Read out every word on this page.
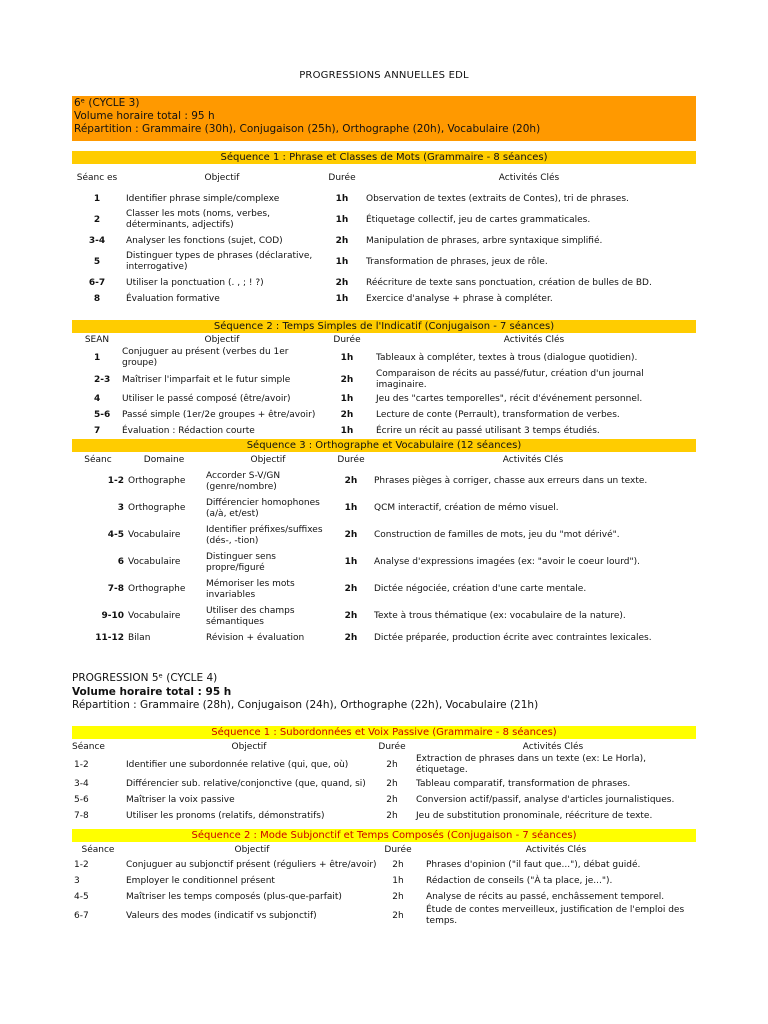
PROGRESSIONS ANNUELLES EDL
6ᵉ (CYCLE 3)
Volume horaire total : 95 h
Répartition : Grammaire (30h), Conjugaison (25h), Orthographe (20h), Vocabulaire (20h)
Séquence 1 : Phrase et Classes de Mots (Grammaire - 8 séances)
Séanc es	Objectif	Durée	Activités Clés
1	Identifier phrase simple/complexe	1h	Observation de textes (extraits de Contes), tri de phrases.
2	Classer les mots (noms, verbes, déterminants, adjectifs)	1h	Étiquetage collectif, jeu de cartes grammaticales.
3-4	Analyser les fonctions (sujet, COD)	2h	Manipulation de phrases, arbre syntaxique simplifié.
5	Distinguer types de phrases (déclarative, interrogative)	1h	Transformation de phrases, jeux de rôle.
6-7	Utiliser la ponctuation (. , ; ! ?)	2h	Réécriture de texte sans ponctuation, création de bulles de BD.
8	Évaluation formative	1h	Exercice d'analyse + phrase à compléter.
Séquence 2 : Temps Simples de l'Indicatif (Conjugaison - 7 séances)
SEAN	Objectif	Durée	Activités Clés
1	Conjuguer au présent (verbes du 1er groupe)	1h	Tableaux à compléter, textes à trous (dialogue quotidien).
2-3	Maîtriser l'imparfait et le futur simple	2h	Comparaison de récits au passé/futur, création d'un journal imaginaire.
4	Utiliser le passé composé (être/avoir)	1h	Jeu des "cartes temporelles", récit d'événement personnel.
5-6	Passé simple (1er/2e groupes + être/avoir)	2h	Lecture de conte (Perrault), transformation de verbes.
7	Évaluation : Rédaction courte	1h	Écrire un récit au passé utilisant 3 temps étudiés.
Séquence 3 : Orthographe et Vocabulaire (12 séances)
Séanc	Domaine	Objectif	Durée	Activités Clés
1-2	Orthographe	Accorder S-V/GN (genre/nombre)	2h	Phrases pièges à corriger, chasse aux erreurs dans un texte.
3	Orthographe	Différencier homophones (a/à, et/est)	1h	QCM interactif, création de mémo visuel.
4-5	Vocabulaire	Identifier préfixes/suffixes (dés-, -tion)	2h	Construction de familles de mots, jeu du "mot dérivé".
6	Vocabulaire	Distinguer sens propre/figuré	1h	Analyse d'expressions imagées (ex: "avoir le coeur lourd").
7-8	Orthographe	Mémoriser les mots invariables	2h	Dictée négociée, création d'une carte mentale.
9-10	Vocabulaire	Utiliser des champs sémantiques	2h	Texte à trous thématique (ex: vocabulaire de la nature).
11-12	Bilan	Révision + évaluation	2h	Dictée préparée, production écrite avec contraintes lexicales.
PROGRESSION 5ᵉ (CYCLE 4)
Volume horaire total : 95 h
Répartition : Grammaire (28h), Conjugaison (24h), Orthographe (22h), Vocabulaire (21h)
Séquence 1 : Subordonnées et Voix Passive (Grammaire - 8 séances)
Séance	Objectif	Durée	Activités Clés
1-2	Identifier une subordonnée relative (qui, que, où)	2h	Extraction de phrases dans un texte (ex: Le Horla), étiquetage.
3-4	Différencier sub. relative/conjonctive (que, quand, si)	2h	Tableau comparatif, transformation de phrases.
5-6	Maîtriser la voix passive	2h	Conversion actif/passif, analyse d'articles journalistiques.
7-8	Utiliser les pronoms (relatifs, démonstratifs)	2h	Jeu de substitution pronominale, réécriture de texte.
Séquence 2 : Mode Subjonctif et Temps Composés (Conjugaison - 7 séances)
Séance	Objectif	Durée	Activités Clés
1-2	Conjuguer au subjonctif présent (réguliers + être/avoir)	2h	Phrases d'opinion ("il faut que..."), débat guidé.
3	Employer le conditionnel présent	1h	Rédaction de conseils ("À ta place, je...").
4-5	Maîtriser les temps composés (plus-que-parfait)	2h	Analyse de récits au passé, enchâssement temporel.
6-7	Valeurs des modes (indicatif vs subjonctif)	2h	Étude de contes merveilleux, justification de l'emploi des temps.
